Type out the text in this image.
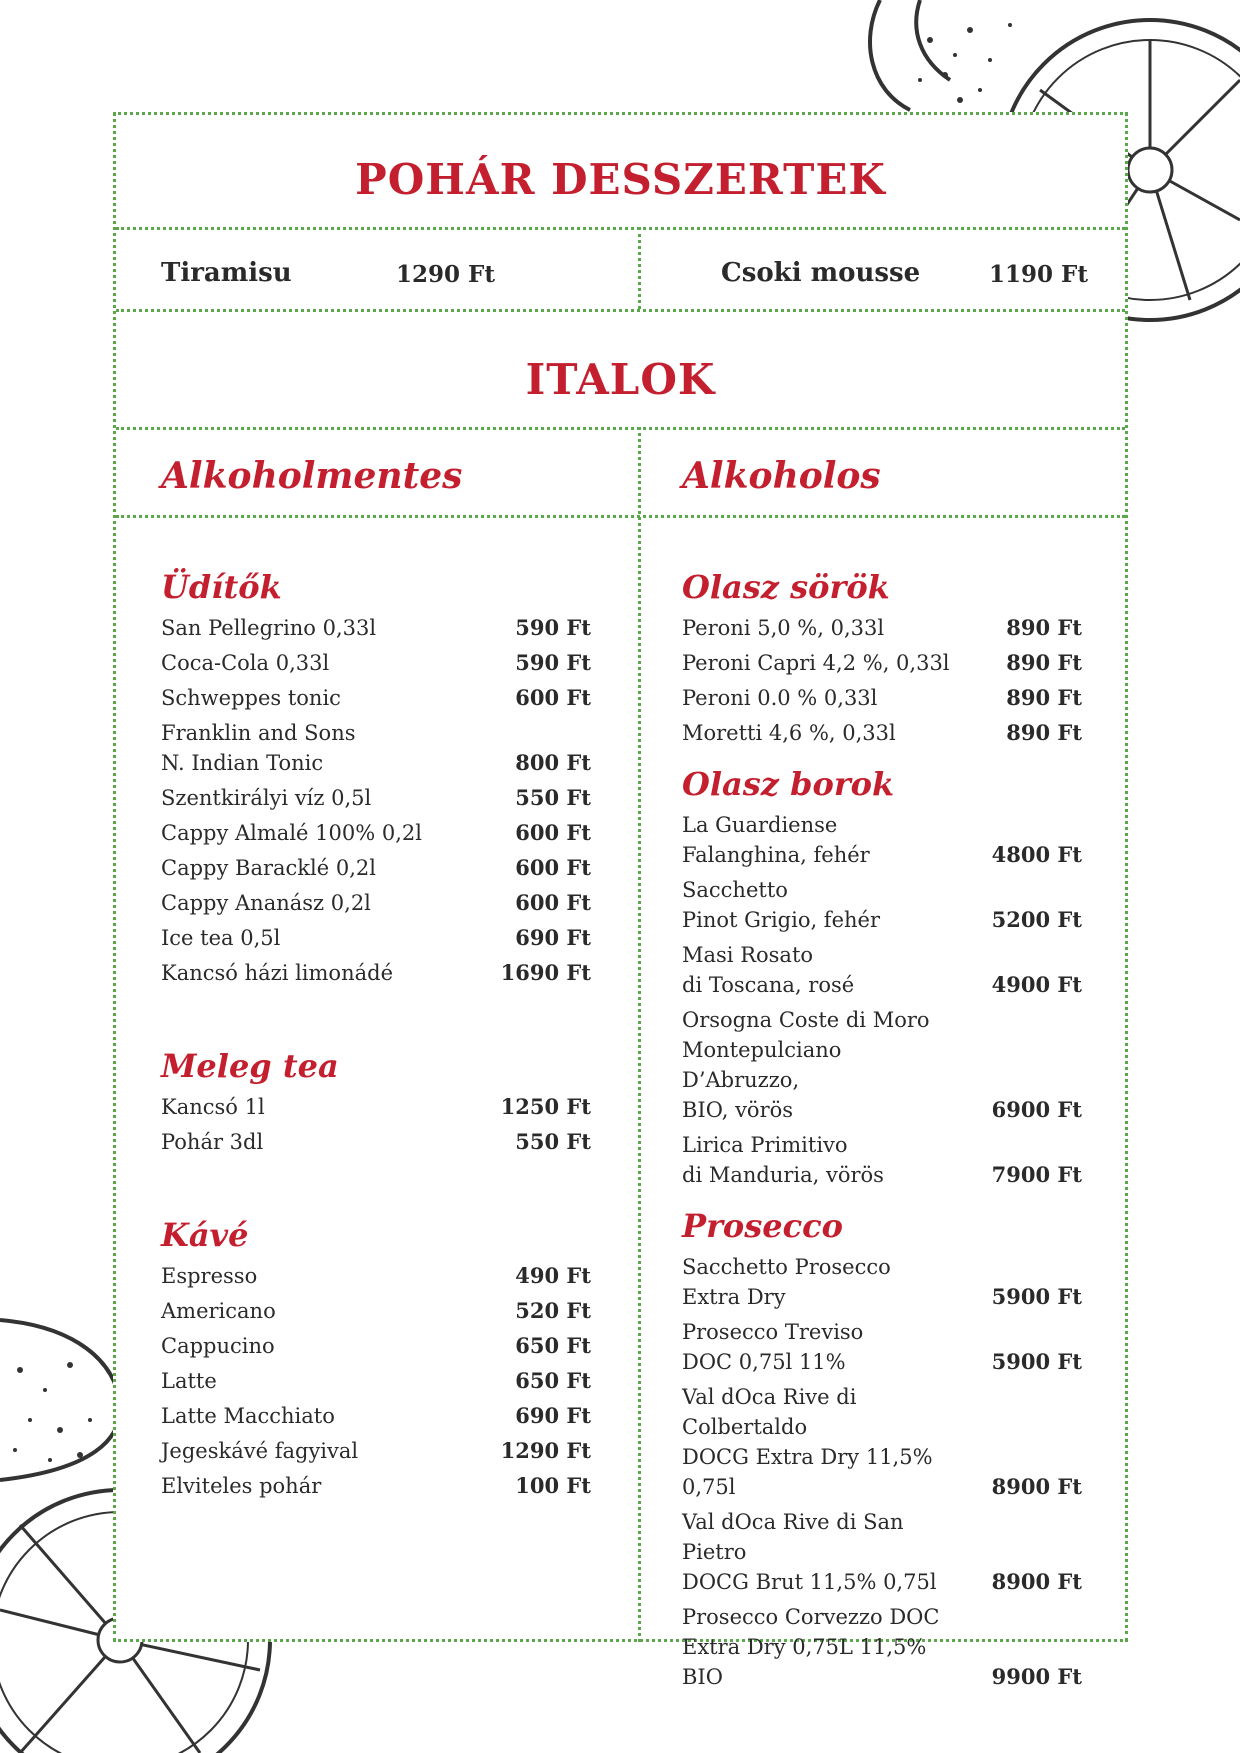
POHÁR DESSZERTEK
Tiramisu	1290 Ft	Csoki mousse	1190 Ft
ITALOK
Alkoholmentes	Alkoholos
Üdítők
San Pellegrino 0,33l	590 Ft
Coca-Cola 0,33l	590 Ft
Schweppes tonic	600 Ft
Franklin and Sons
N. Indian Tonic	800 Ft
Szentkirályi víz 0,5l	550 Ft
Cappy Almalé 100% 0,2l	600 Ft
Cappy Baracklé 0,2l	600 Ft
Cappy Ananász 0,2l	600 Ft
Ice tea 0,5l	690 Ft
Kancsó házi limonádé	1690 Ft
Meleg tea
Kancsó 1l	1250 Ft
Pohár 3dl	550 Ft
Kávé
Espresso	490 Ft
Americano	520 Ft
Cappucino	650 Ft
Latte	650 Ft
Latte Macchiato	690 Ft
Jegeskávé fagyival	1290 Ft
Elviteles pohár	100 Ft
Olasz sörök
Peroni 5,0 %, 0,33l	890 Ft
Peroni Capri 4,2 %, 0,33l	890 Ft
Peroni 0.0 % 0,33l	890 Ft
Moretti 4,6 %, 0,33l	890 Ft
Olasz borok
La Guardiense
Falanghina, fehér	4800 Ft
Sacchetto
Pinot Grigio, fehér	5200 Ft
Masi Rosato
di Toscana, rosé	4900 Ft
Orsogna Coste di Moro
Montepulciano D’Abruzzo,
BIO, vörös	6900 Ft
Lirica Primitivo
di Manduria, vörös	7900 Ft
Prosecco
Sacchetto Prosecco
Extra Dry	5900 Ft
Prosecco Treviso
DOC 0,75l 11%	5900 Ft
Val dOca Rive di Colbertaldo
DOCG Extra Dry 11,5% 0,75l	8900 Ft
Val dOca Rive di San Pietro
DOCG Brut 11,5% 0,75l	8900 Ft
Prosecco Corvezzo DOC
Extra Dry 0,75L 11,5% BIO	9900 Ft
